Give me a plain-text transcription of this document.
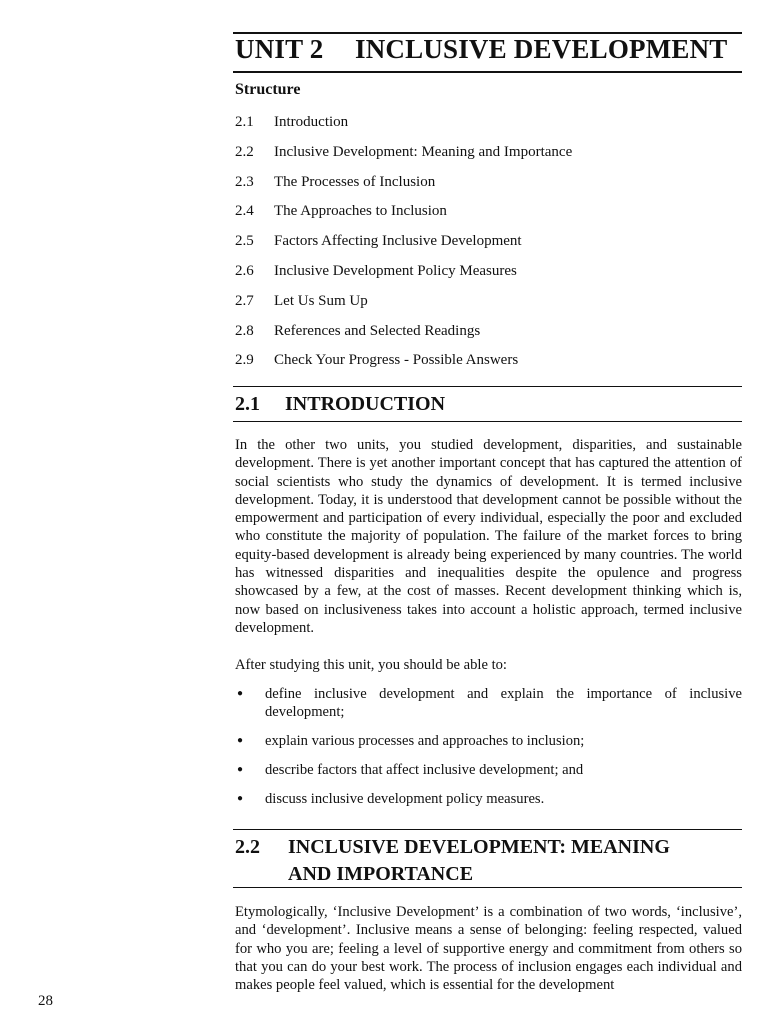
UNIT 2 INCLUSIVE DEVELOPMENT
Structure
2.1 Introduction
2.2 Inclusive Development: Meaning and Importance
2.3 The Processes of Inclusion
2.4 The Approaches to Inclusion
2.5 Factors Affecting Inclusive Development
2.6 Inclusive Development Policy Measures
2.7 Let Us Sum Up
2.8 References and Selected Readings
2.9 Check Your Progress - Possible Answers
2.1 INTRODUCTION

In the other two units, you studied development, disparities, and sustainable development. There is yet another important concept that has captured the attention of social scientists who study the dynamics of development. It is termed inclusive development. Today, it is understood that development cannot be possible without the empowerment and participation of every individual, especially the poor and excluded who constitute the majority of population. The failure of the market forces to bring equity-based development is already being experienced by many countries. The world has witnessed disparities and inequalities despite the opulence and progress showcased by a few, at the cost of masses. Recent development thinking which is, now based on inclusiveness takes into account a holistic approach, termed inclusive development.

After studying this unit, you should be able to:

● define inclusive development and explain the importance of inclusive development;
● explain various processes and approaches to inclusion;
● describe factors that affect inclusive development; and
● discuss inclusive development policy measures.
2.2 INCLUSIVE DEVELOPMENT: MEANING AND IMPORTANCE

Etymologically, ‘Inclusive Development’ is a combination of two words, ‘inclusive’, and ‘development’. Inclusive means a sense of belonging: feeling respected, valued for who you are; feeling a level of supportive energy and commitment from others so that you can do your best work. The process of inclusion engages each individual and makes people feel valued, which is essential for the development

28
